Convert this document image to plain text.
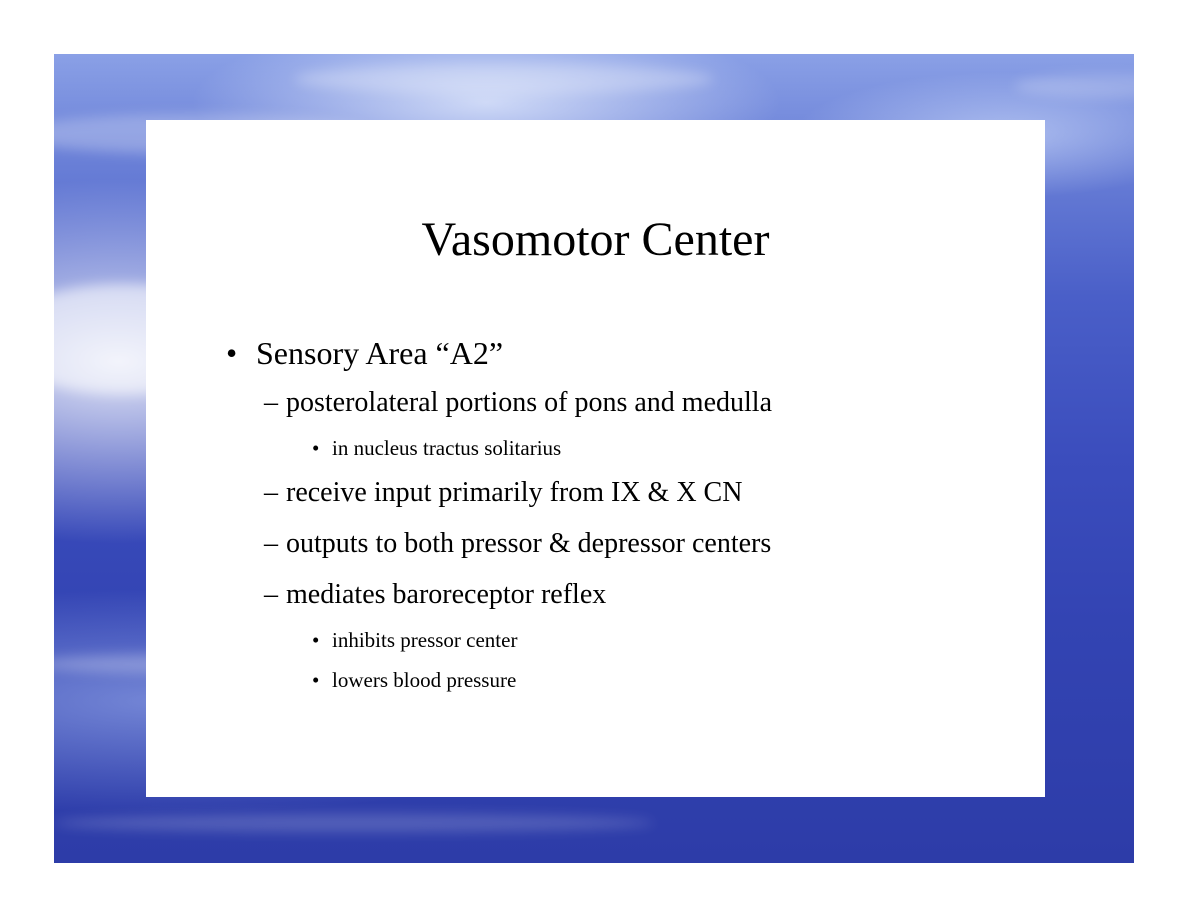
Vasomotor Center
• Sensory Area “A2”
– posterolateral portions of pons and medulla
• in nucleus tractus solitarius
– receive input primarily from IX & X CN
– outputs to both pressor & depressor centers
– mediates baroreceptor reflex
• inhibits pressor center
• lowers blood pressure
